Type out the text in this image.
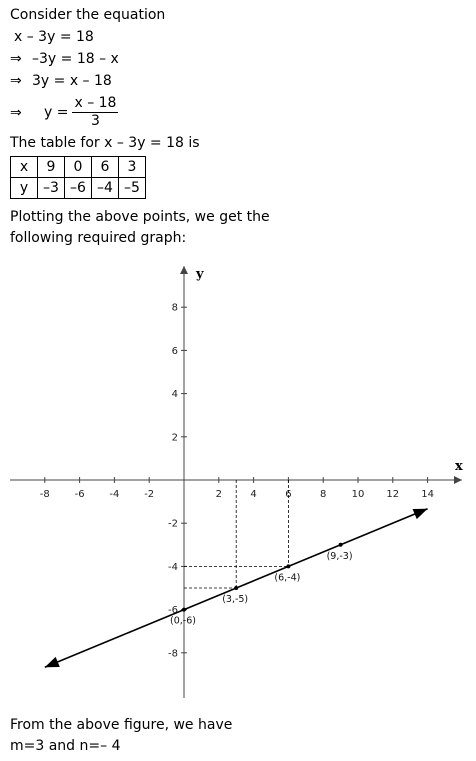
Consider the equation
x – 3y = 18
⇒ –3y = 18 – x
⇒ 3y = x – 18
⇒ $y = \frac{x - 18}{3}$
The table for x – 3y = 18 is
x	9	0	6	3
y	–3	–6	–4	–5
Plotting the above points, we get the
following required graph:
x
y
-8 -6 -4 -2	2	4	6	8	10 12 14
8
6
4
2
-2
-4
-6
-8
(9,-3)
(6,-4)
(3,-5)
(0,-6)
From the above figure, we have
m=3 and n=– 4
